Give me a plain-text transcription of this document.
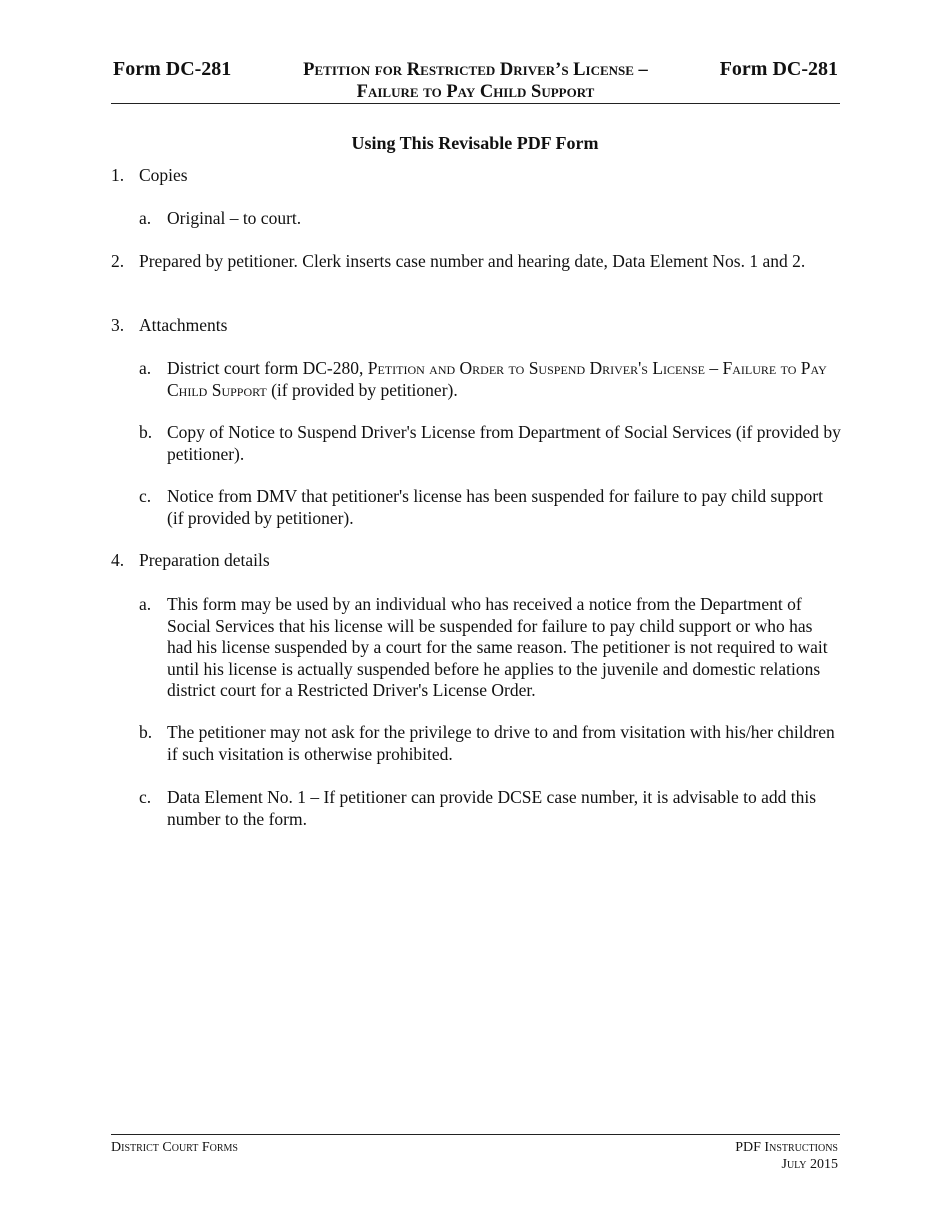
Form DC-281	Petition for Restricted Driver’s License –
Failure to Pay Child Support
Form DC-281
Using This Revisable PDF Form
1. Copies
a. Original – to court.
2. Prepared by petitioner. Clerk inserts case number and hearing date, Data Element Nos. 1 and 2.
3. Attachments
a. District court form DC-280, Petition and Order to Suspend Driver's License – Failure to Pay Child Support (if provided by petitioner).
b. Copy of Notice to Suspend Driver's License from Department of Social Services (if provided by petitioner).
c. Notice from DMV that petitioner's license has been suspended for failure to pay child support (if provided by petitioner).
4. Preparation details
a. This form may be used by an individual who has received a notice from the Department of Social Services that his license will be suspended for failure to pay child support or who has had his license suspended by a court for the same reason. The petitioner is not required to wait until his license is actually suspended before he applies to the juvenile and domestic relations district court for a Restricted Driver's License Order.
b. The petitioner may not ask for the privilege to drive to and from visitation with his/her children if such visitation is otherwise prohibited.
c. Data Element No. 1 – If petitioner can provide DCSE case number, it is advisable to add this number to the form.
District Court Forms	PDF Instructions
July 2015
